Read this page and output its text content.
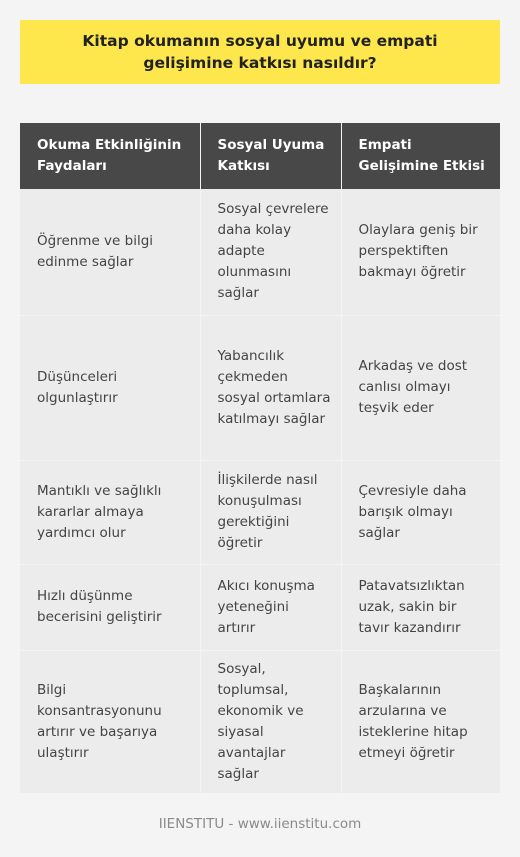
Kitap okumanın sosyal uyumu ve empati gelişimine katkısı nasıldır?
Okuma Etkinliğinin Faydaları	Sosyal Uyuma Katkısı	Empati Gelişimine Etkisi
Öğrenme ve bilgi edinme sağlar	Sosyal çevrelere daha kolay adapte olunmasını sağlar	Olaylara geniş bir perspektiften bakmayı öğretir
Düşünceleri olgunlaştırır	Yabancılık çekmeden sosyal ortamlara katılmayı sağlar	Arkadaş ve dost canlısı olmayı teşvik eder
Mantıklı ve sağlıklı kararlar almaya yardımcı olur	İlişkilerde nasıl konuşulması gerektiğini öğretir	Çevresiyle daha barışık olmayı sağlar
Hızlı düşünme becerisini geliştirir	Akıcı konuşma yeteneğini artırır	Patavatsızlıktan uzak, sakin bir tavır kazandırır
Bilgi konsantrasyonunu artırır ve başarıya ulaştırır	Sosyal, toplumsal, ekonomik ve siyasal avantajlar sağlar	Başkalarının arzularına ve isteklerine hitap etmeyi öğretir
IIENSTITU - www.iienstitu.com
